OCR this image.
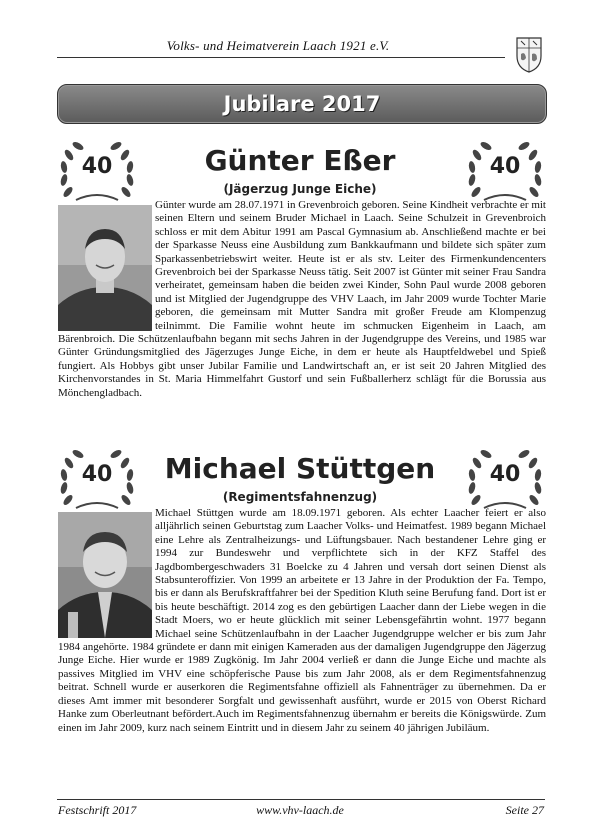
Volks- und Heimatverein Laach 1921 e.V.
Jubilare 2017
40	40
Günter Eßer
(Jägerzug Junge Eiche)

Günter wurde am 28.07.1971 in Grevenbroich geboren. Seine Kindheit verbrachte er mit seinen Eltern und seinem Bruder Michael in Laach. Seine Schulzeit in Grevenbroich schloss er mit dem Abitur 1991 am Pascal Gymnasium ab. Anschließend machte er bei der Sparkasse Neuss eine Ausbildung zum Bankkaufmann und bildete sich später zum Sparkassenbetriebswirt weiter. Heute ist er als stv. Leiter des Firmenkundencenters Grevenbroich bei der Sparkasse Neuss tätig. Seit 2007 ist Günter mit seiner Frau Sandra verheiratet, gemeinsam haben die beiden zwei Kinder, Sohn Paul wurde 2008 geboren und ist Mitglied der Jugendgruppe des VHV Laach, im Jahr 2009 wurde Tochter Marie geboren, die gemeinsam mit Mutter Sandra mit großer Freude am Klompenzug teilnimmt. Die Familie wohnt heute im schmucken Eigenheim in Laach, am Bärenbroich. Die Schützenlaufbahn begann mit sechs Jahren in der Jugendgruppe des Vereins, und 1985 war Günter Gründungsmitglied des Jägerzuges Junge Eiche, in dem er heute als Hauptfeldwebel und Spieß fungiert. Als Hobbys gibt unser Jubilar Familie und Landwirtschaft an, er ist seit 20 Jahren Mitglied des Kirchenvorstandes in St. Maria Himmelfahrt Gustorf und sein Fußballerherz schlägt für die Borussia aus Mönchengladbach.

40	40
Michael Stüttgen
(Regimentsfahnenzug)

Michael Stüttgen wurde am 18.09.1971 geboren. Als echter Laacher feiert er also alljährlich seinen Geburtstag zum Laacher Volks- und Heimatfest. 1989 begann Michael eine Lehre als Zentralheizungs- und Lüftungsbauer. Nach bestandener Lehre ging er 1994 zur Bundeswehr und verpflichtete sich in der KFZ Staffel des Jagdbombergeschwaders 31 Boelcke zu 4 Jahren und versah dort seinen Dienst als Stabsunteroffizier. Von 1999 an arbeitete er 13 Jahre in der Produktion der Fa. Tempo, bis er dann als Berufskraftfahrer bei der Spedition Kluth seine Berufung fand. Dort ist er bis heute beschäftigt. 2014 zog es den gebürtigen Laacher dann der Liebe wegen in die Stadt Moers, wo er heute glücklich mit seiner Lebensgefährtin wohnt. 1977 begann Michael seine Schützenlaufbahn in der Laacher Jugendgruppe welcher er bis zum Jahr 1984 angehörte. 1984 gründete er dann mit einigen Kameraden aus der damaligen Jugendgruppe den Jägerzug Junge Eiche. Hier wurde er 1989 Zugkönig. Im Jahr 2004 verließ er dann die Junge Eiche und machte als passives Mitglied im VHV eine schöpferische Pause bis zum Jahr 2008, als er dem Regimentsfahnenzug beitrat. Schnell wurde er auserkoren die Regimentsfahne offiziell als Fahnenträger zu übernehmen. Da er dieses Amt immer mit besonderer Sorgfalt und gewissenhaft ausführt, wurde er 2015 von Oberst Richard Hanke zum Oberleutnant befördert.Auch im Regimentsfahnenzug übernahm er bereits die Königswürde. Zum einen im Jahr 2009, kurz nach seinem Eintritt und in diesem Jahr zu seinem 40 jährigen Jubiläum.

Festschrift 2017	www.vhv-laach.de	Seite 27
